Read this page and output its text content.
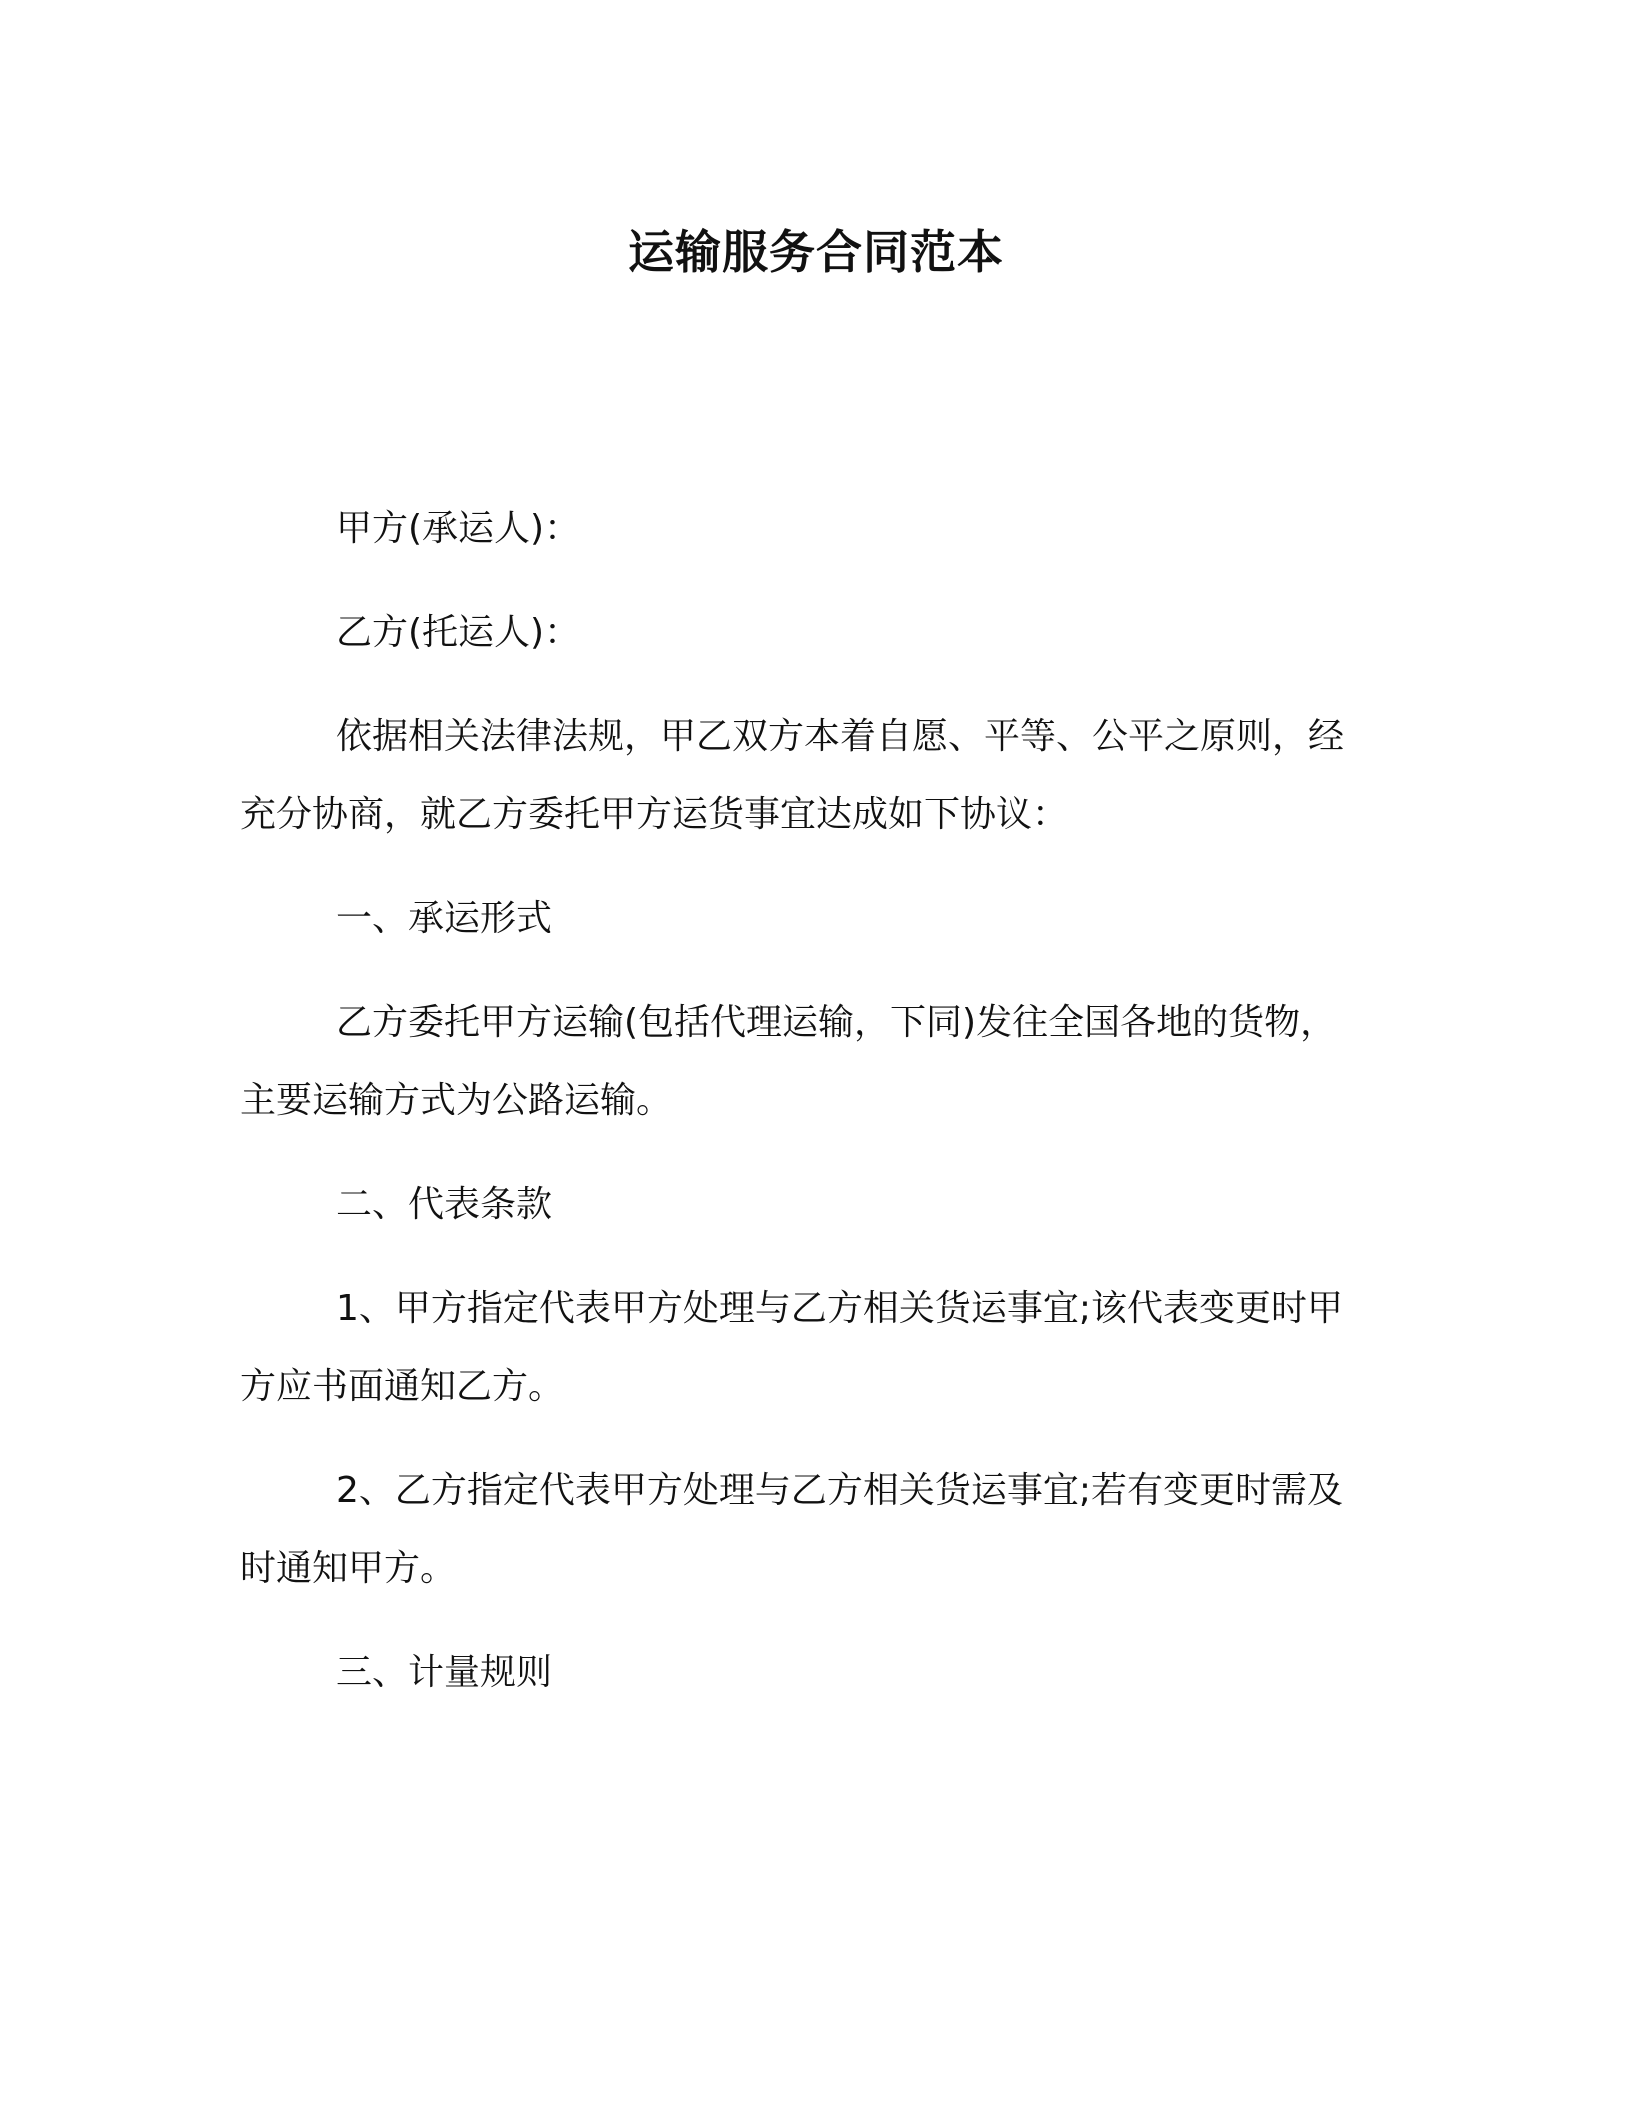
运输服务合同范本

甲方(承运人)：

乙方(托运人)：

依据相关法律法规，甲乙双方本着自愿、平等、公平之原则，经充分协商，就乙方委托甲方运货事宜达成如下协议：

一、承运形式

乙方委托甲方运输(包括代理运输，下同)发往全国各地的货物，主要运输方式为公路运输。

二、代表条款

1、甲方指定代表甲方处理与乙方相关货运事宜;该代表变更时甲方应书面通知乙方。

2、乙方指定代表甲方处理与乙方相关货运事宜;若有变更时需及时通知甲方。

三、计量规则
